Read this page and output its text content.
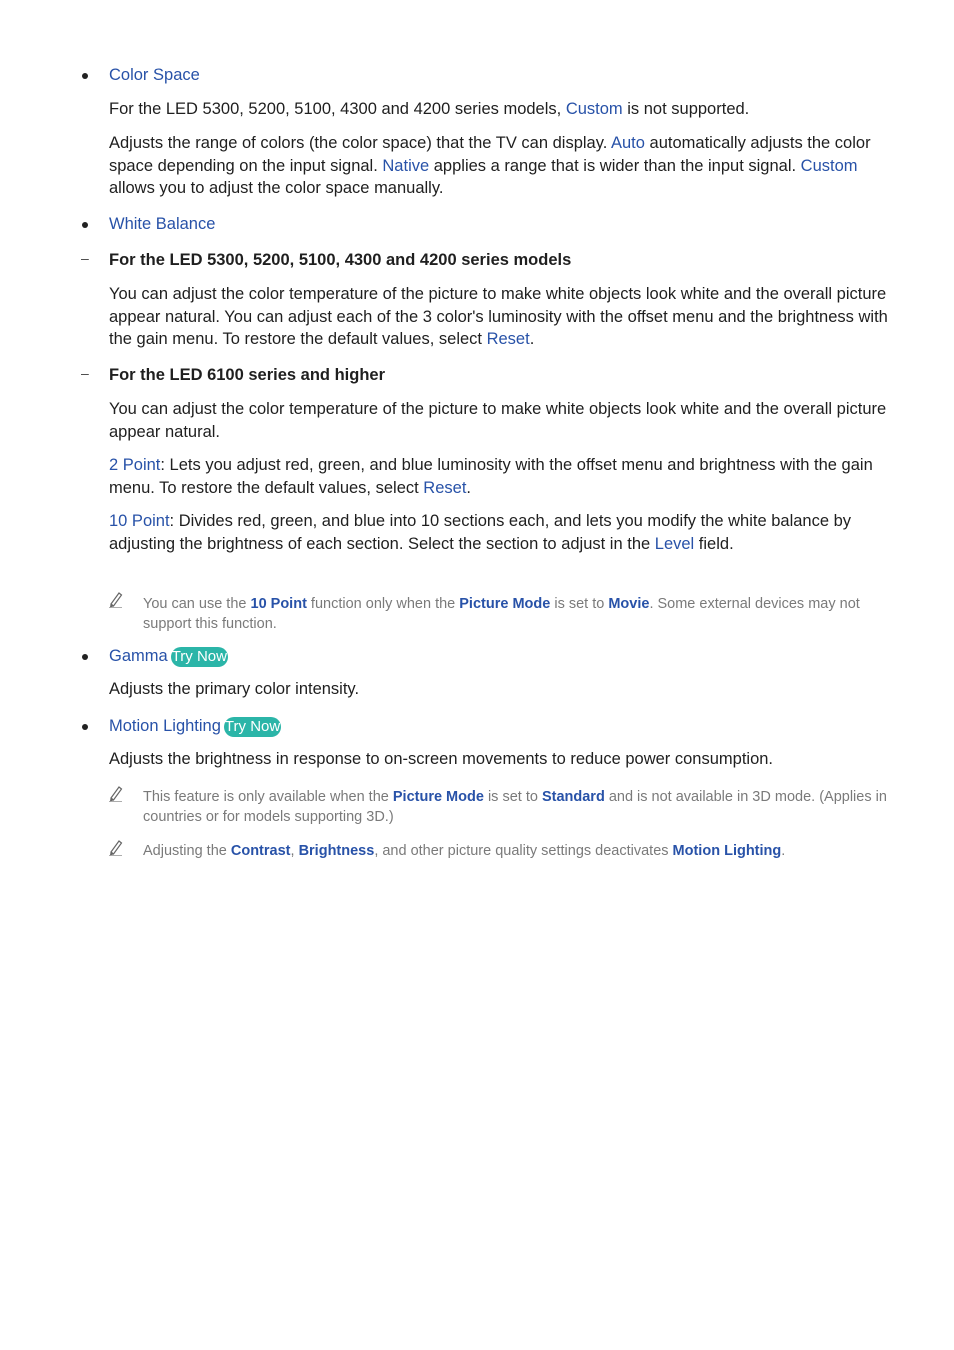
Color Space

For the LED 5300, 5200, 5100, 4300 and 4200 series models, Custom is not supported.

Adjusts the range of colors (the color space) that the TV can display. Auto automatically adjusts the color space depending on the input signal. Native applies a range that is wider than the input signal. Custom allows you to adjust the color space manually.

White Balance
– For the LED 5300, 5200, 5100, 4300 and 4200 series models

You can adjust the color temperature of the picture to make white objects look white and the overall picture appear natural. You can adjust each of the 3 color's luminosity with the offset menu and the brightness with the gain menu. To restore the default values, select Reset.

– For the LED 6100 series and higher

You can adjust the color temperature of the picture to make white objects look white and the overall picture appear natural.

2 Point: Lets you adjust red, green, and blue luminosity with the offset menu and brightness with the gain menu. To restore the default values, select Reset.

10 Point: Divides red, green, and blue into 10 sections each, and lets you modify the white balance by adjusting the brightness of each section. Select the section to adjust in the Level field.

You can use the 10 Point function only when the Picture Mode is set to Movie. Some external devices may not support this function.
Gamma Try Now

Adjusts the primary color intensity.

Motion Lighting Try Now

Adjusts the brightness in response to on-screen movements to reduce power consumption.

This feature is only available when the Picture Mode is set to Standard and is not available in 3D mode. (Applies in countries or for models supporting 3D.)
Adjusting the Contrast, Brightness, and other picture quality settings deactivates Motion Lighting.
